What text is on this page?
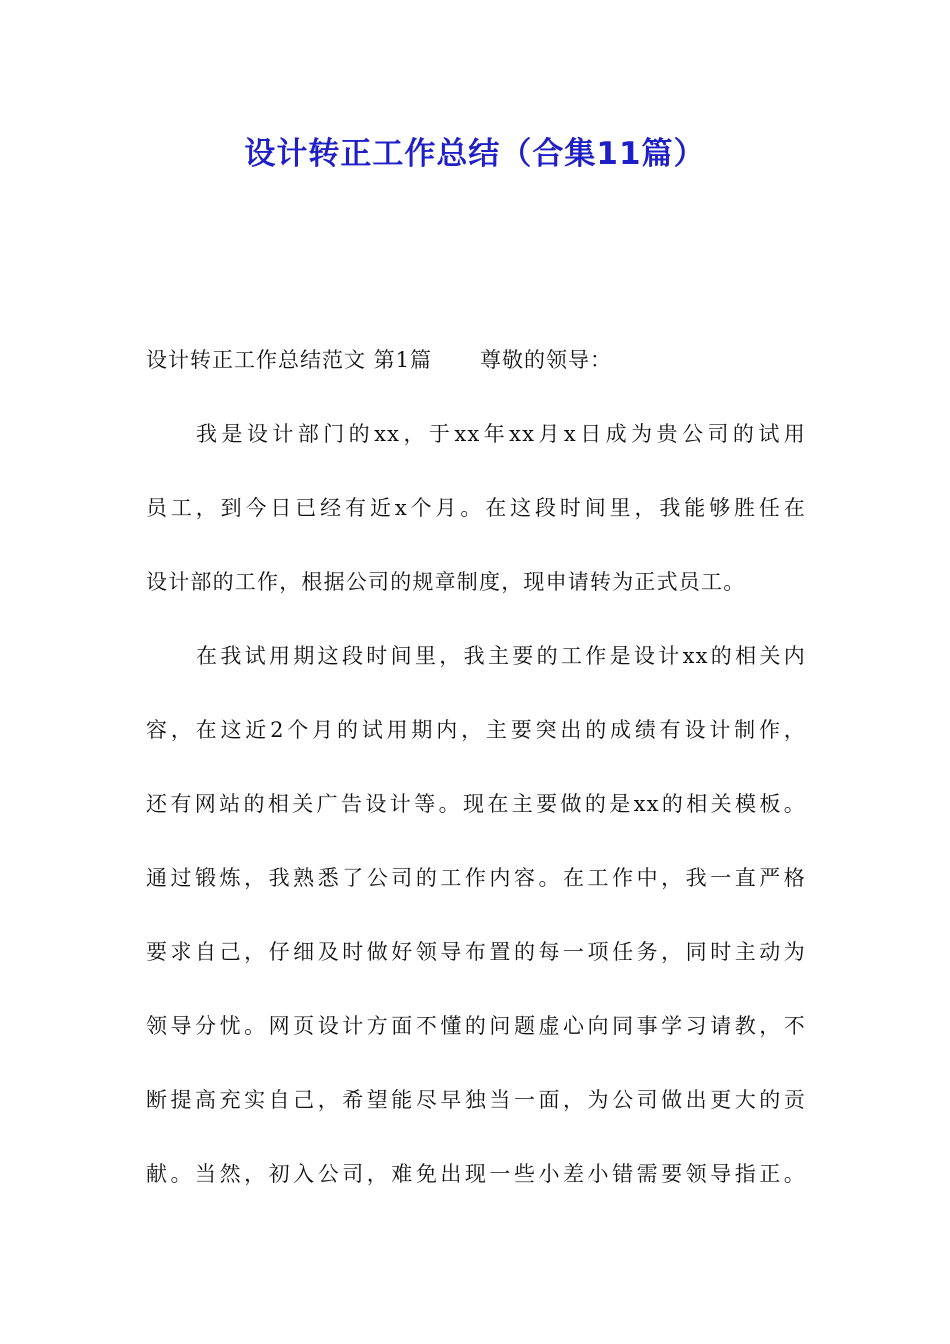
设计转正工作总结（合集11篇）
设计转正工作总结范文 第1篇 尊敬的领导：
我是设计部门的xx，于xx年xx月x日成为贵公司的试用
员工，到今日已经有近x个月。在这段时间里，我能够胜任在
设计部的工作，根据公司的规章制度，现申请转为正式员工。
在我试用期这段时间里，我主要的工作是设计xx的相关内
容，在这近2个月的试用期内，主要突出的成绩有设计制作，
还有网站的相关广告设计等。现在主要做的是xx的相关模板。
通过锻炼，我熟悉了公司的工作内容。在工作中，我一直严格
要求自己，仔细及时做好领导布置的每一项任务，同时主动为
领导分忧。网页设计方面不懂的问题虚心向同事学习请教，不
断提高充实自己，希望能尽早独当一面，为公司做出更大的贡
献。当然，初入公司，难免出现一些小差小错需要领导指正。
